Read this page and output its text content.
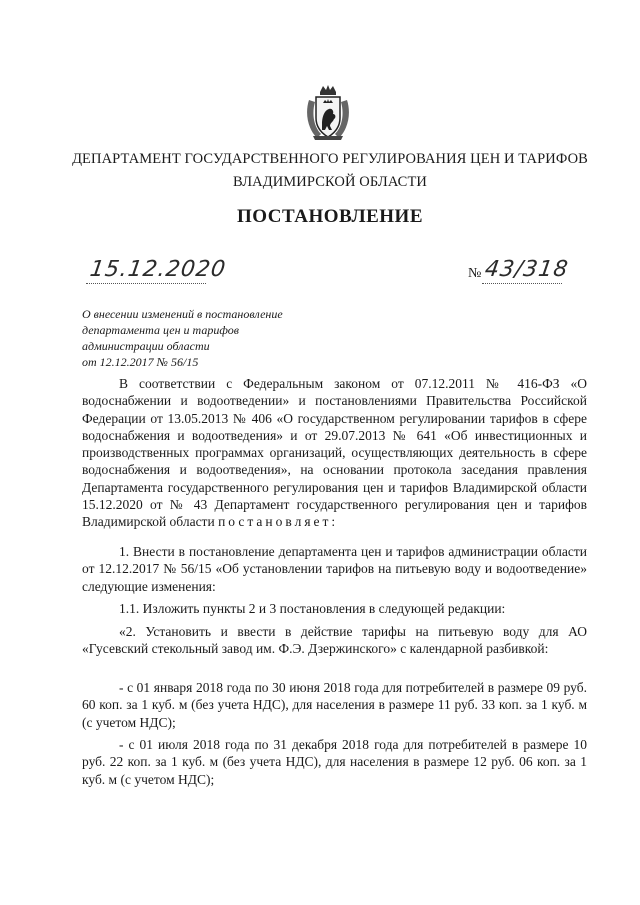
ДЕПАРТАМЕНТ ГОСУДАРСТВЕННОГО РЕГУЛИРОВАНИЯ ЦЕН И ТАРИФОВ
ВЛАДИМИРСКОЙ ОБЛАСТИ
ПОСТАНОВЛЕНИЕ
15.12.2020	№ 43/318
О внесении изменений в постановление
департамента цен и тарифов
администрации области
от 12.12.2017 № 56/15
В соответствии с Федеральным законом от 07.12.2011 № 416-ФЗ «О водоснабжении и водоотведении» и постановлениями Правительства Российской Федерации от 13.05.2013 № 406 «О государственном регулировании тарифов в сфере водоснабжения и водоотведения» и от 29.07.2013 № 641 «Об инвестиционных и производственных программах организаций, осуществляющих деятельность в сфере водоснабжения и водоотведения», на основании протокола заседания правления Департамента государственного регулирования цен и тарифов Владимирской области 15.12.2020 от № 43 Департамент государственного регулирования цен и тарифов Владимирской области постановляет:
1. Внести в постановление департамента цен и тарифов администрации области от 12.12.2017 № 56/15 «Об установлении тарифов на питьевую воду и водоотведение» следующие изменения:
1.1. Изложить пункты 2 и 3 постановления в следующей редакции:
«2. Установить и ввести в действие тарифы на питьевую воду для АО «Гусевский стекольный завод им. Ф.Э. Дзержинского» с календарной разбивкой:
- с 01 января 2018 года по 30 июня 2018 года для потребителей в размере 09 руб. 60 коп. за 1 куб. м (без учета НДС), для населения в размере 11 руб. 33 коп. за 1 куб. м (с учетом НДС);
- с 01 июля 2018 года по 31 декабря 2018 года для потребителей в размере 10 руб. 22 коп. за 1 куб. м (без учета НДС), для населения в размере 12 руб. 06 коп. за 1 куб. м (с учетом НДС);
